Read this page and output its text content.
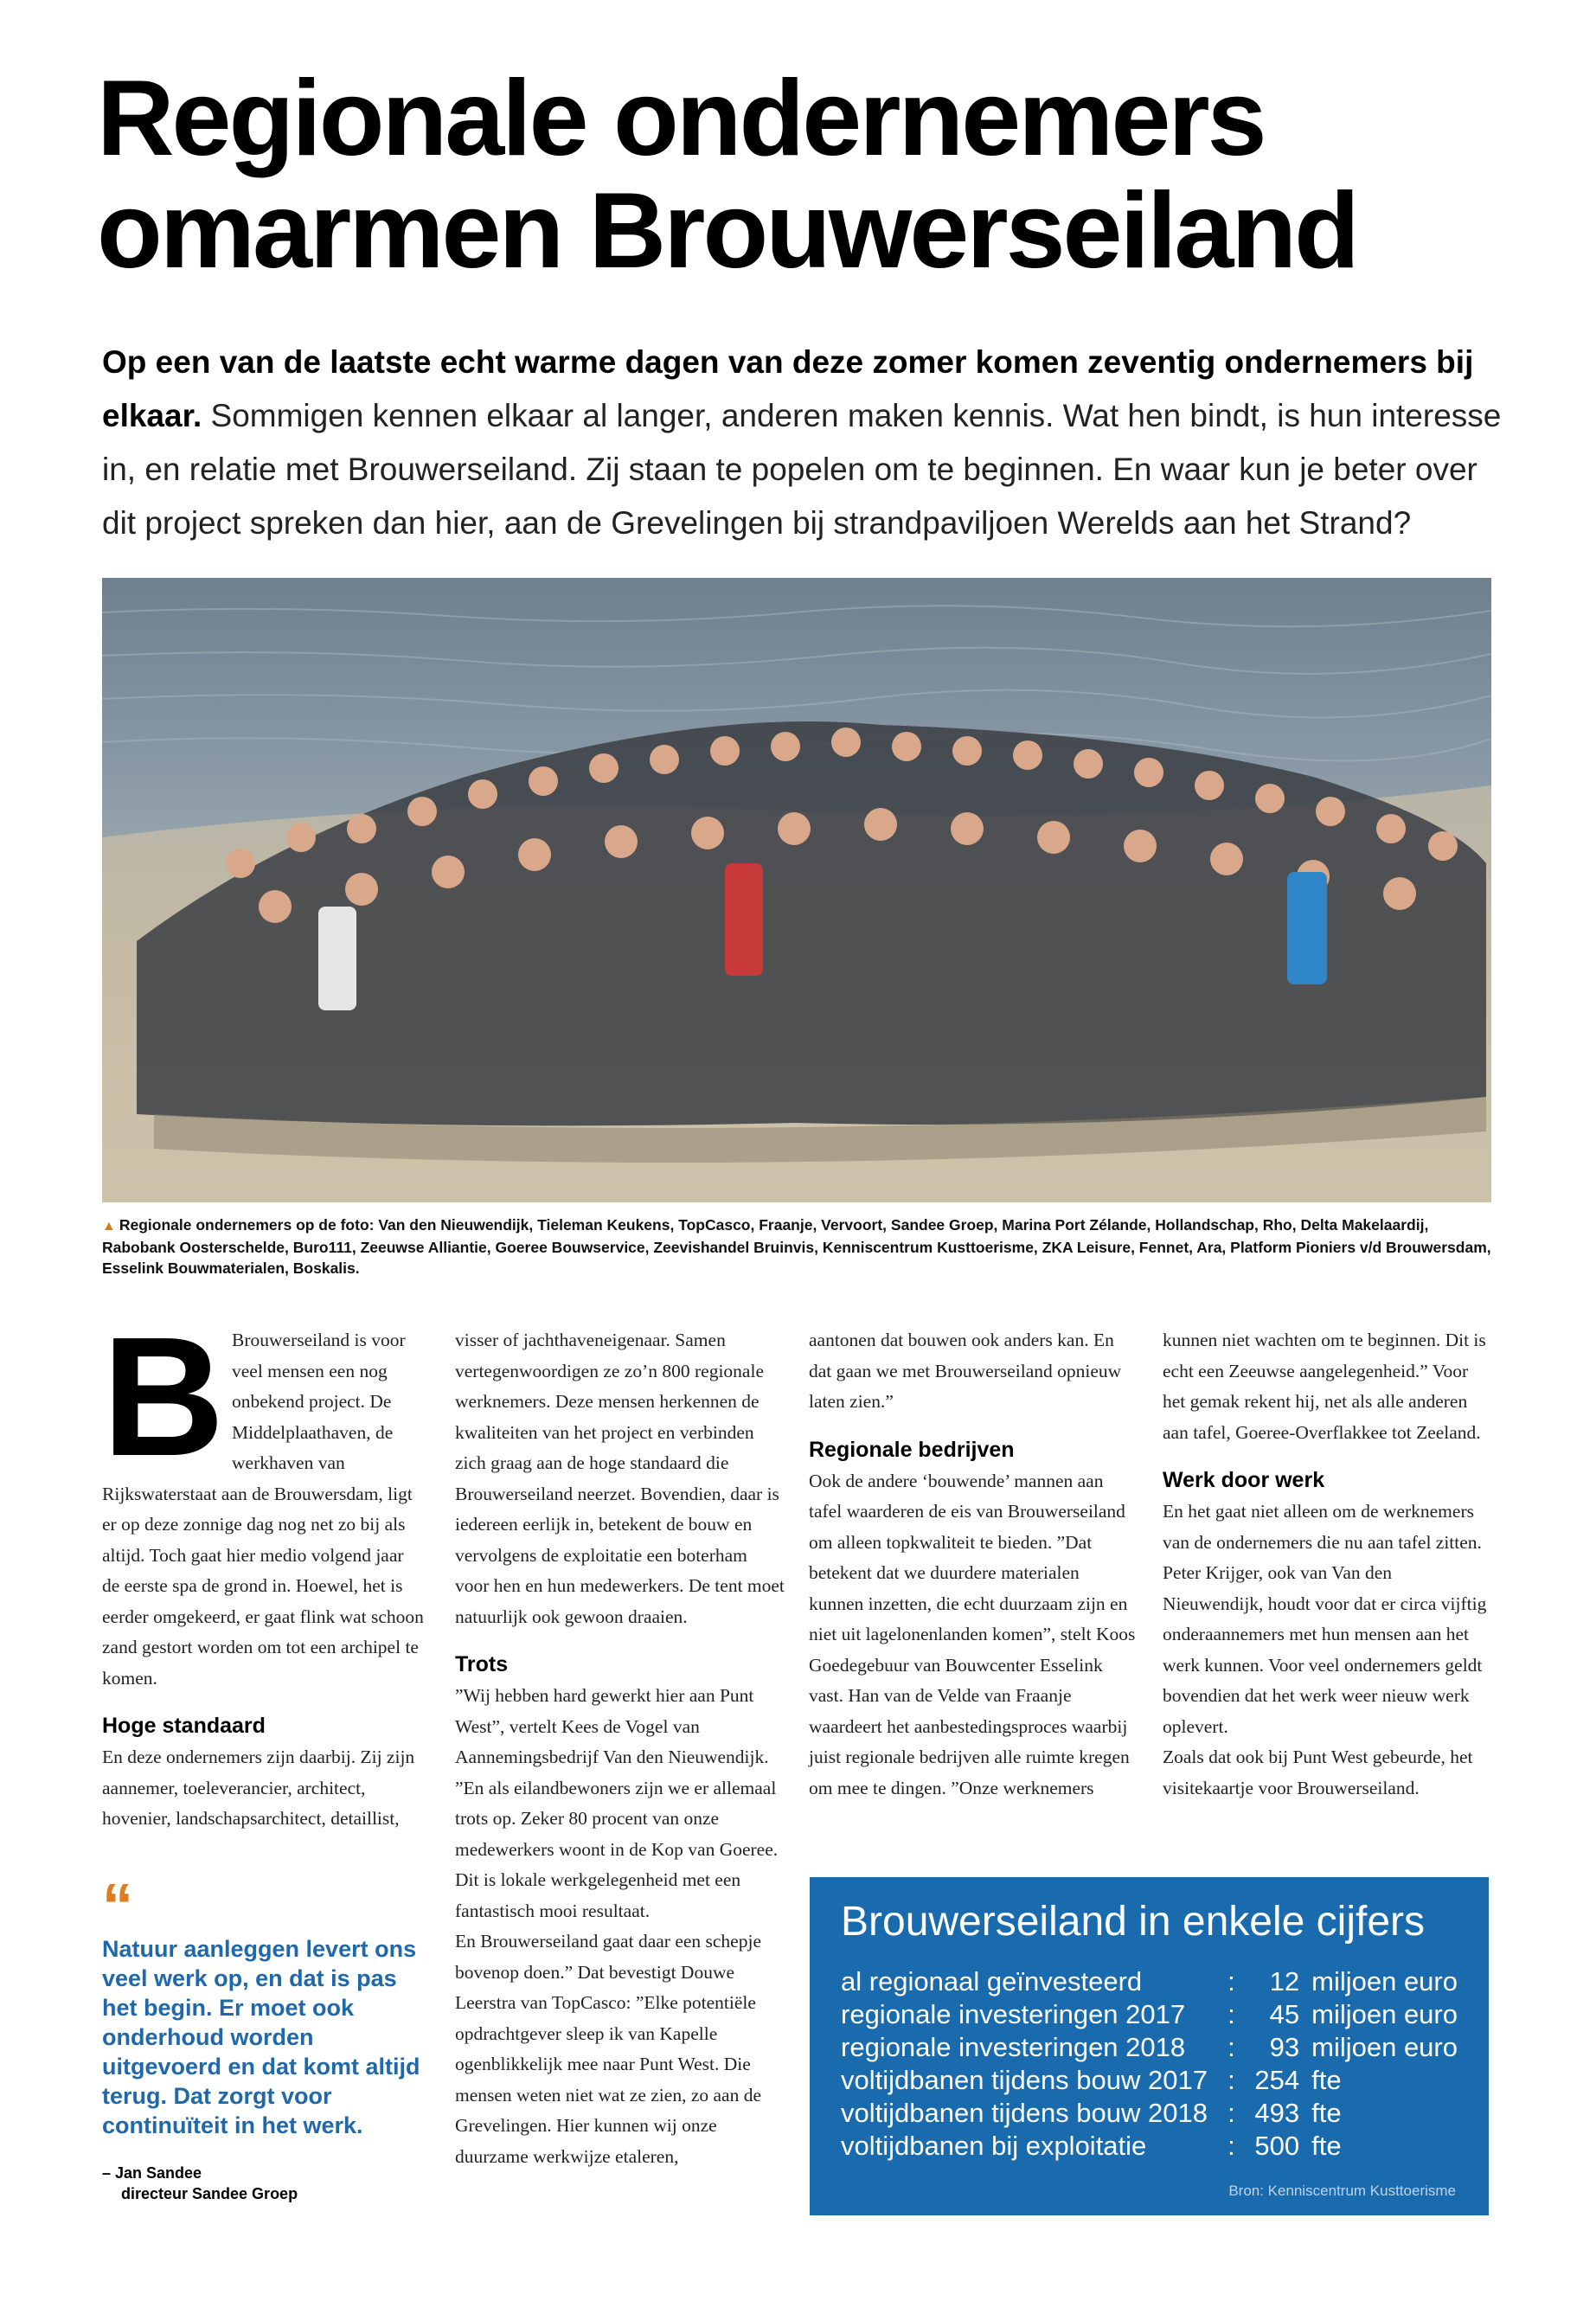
Regionale ondernemers
omarmen Brouwerseiland
Op een van de laatste echt warme dagen van deze zomer komen zeventig ondernemers bij elkaar. Sommigen kennen elkaar al langer, anderen maken kennis. Wat hen bindt, is hun interesse in, en relatie met Brouwerseiland. Zij staan te popelen om te beginnen. En waar kun je beter over dit project spreken dan hier, aan de Grevelingen bij strandpaviljoen Werelds aan het Strand?
▲ Regionale ondernemers op de foto: Van den Nieuwendijk, Tieleman Keukens, TopCasco, Fraanje, Vervoort, Sandee Groep, Marina Port Zélande, Hollandschap, Rho, Delta Makelaardij, Rabobank Oosterschelde, Buro111, Zeeuwse Alliantie, Goeree Bouwservice, Zeevishandel Bruinvis, Kenniscentrum Kusttoerisme, ZKA Leisure, Fennet, Ara, Platform Pioniers v/d Brouwersdam, Esselink Bouwmaterialen, Boskalis.
B Brouwerseiland is voor veel mensen een nog onbekend project. De Middelplaathaven, de werkhaven van Rijkswaterstaat aan de Brouwersdam, ligt er op deze zonnige dag nog net zo bij als altijd. Toch gaat hier medio volgend jaar de eerste spa de grond in. Hoewel, het is eerder omgekeerd, er gaat flink wat schoon zand gestort worden om tot een archipel te komen.

Hoge standaard

En deze ondernemers zijn daarbij. Zij zijn aannemer, toeleverancier, architect, hovenier, landschapsarchitect, detaillist,

“
Natuur aanleggen levert ons veel werk op, en dat is pas het begin. Er moet ook onderhoud worden uitgevoerd en dat komt altijd terug. Dat zorgt voor continuïteit in het werk.
– Jan Sandee
directeur Sandee Groep

visser of jachthaveneigenaar. Samen vertegenwoordigen ze zo’n 800 regionale werknemers. Deze mensen herkennen de kwaliteiten van het project en verbinden zich graag aan de hoge standaard die Brouwerseiland neerzet. Bovendien, daar is iedereen eerlijk in, betekent de bouw en vervolgens de exploitatie een boterham voor hen en hun medewerkers. De tent moet natuurlijk ook gewoon draaien.

Trots

”Wij hebben hard gewerkt hier aan Punt West”, vertelt Kees de Vogel van Aannemingsbedrijf Van den Nieuwendijk. ”En als eilandbewoners zijn we er allemaal trots op. Zeker 80 procent van onze medewerkers woont in de Kop van Goeree. Dit is lokale werkgelegenheid met een fantastisch mooi resultaat.

En Brouwerseiland gaat daar een schepje bovenop doen.” Dat bevestigt Douwe Leerstra van TopCasco: ”Elke potentiële opdrachtgever sleep ik van Kapelle ogenblikkelijk mee naar Punt West. Die mensen weten niet wat ze zien, zo aan de Grevelingen. Hier kunnen wij onze duurzame werkwijze etaleren,

aantonen dat bouwen ook anders kan. En dat gaan we met Brouwerseiland opnieuw laten zien.”

Regionale bedrijven

Ook de andere ‘bouwende’ mannen aan tafel waarderen de eis van Brouwerseiland om alleen topkwaliteit te bieden. ”Dat betekent dat we duurdere materialen kunnen inzetten, die echt duurzaam zijn en niet uit lagelonenlanden komen”, stelt Koos Goedegebuur van Bouwcenter Esselink vast. Han van de Velde van Fraanje waardeert het aanbestedingsproces waarbij juist regionale bedrijven alle ruimte kregen om mee te dingen. ”Onze werknemers

kunnen niet wachten om te beginnen. Dit is echt een Zeeuwse aangelegenheid.” Voor het gemak rekent hij, net als alle anderen aan tafel, Goeree-Overflakkee tot Zeeland.

Werk door werk

En het gaat niet alleen om de werknemers van de ondernemers die nu aan tafel zitten. Peter Krijger, ook van Van den Nieuwendijk, houdt voor dat er circa vijftig onderaannemers met hun mensen aan het werk kunnen. Voor veel ondernemers geldt bovendien dat het werk weer nieuw werk oplevert.

Zoals dat ook bij Punt West gebeurde, het visitekaartje voor Brouwerseiland.

Brouwerseiland in enkele cijfers
al regionaal geïnvesteerd	:	12	miljoen euro
regionale investeringen 2017	:	45	miljoen euro
regionale investeringen 2018	:	93	miljoen euro
voltijdbanen tijdens bouw 2017	:	254	fte
voltijdbanen tijdens bouw 2018	:	493	fte
voltijdbanen bij exploitatie	:	500	fte
Bron: Kenniscentrum Kusttoerisme
